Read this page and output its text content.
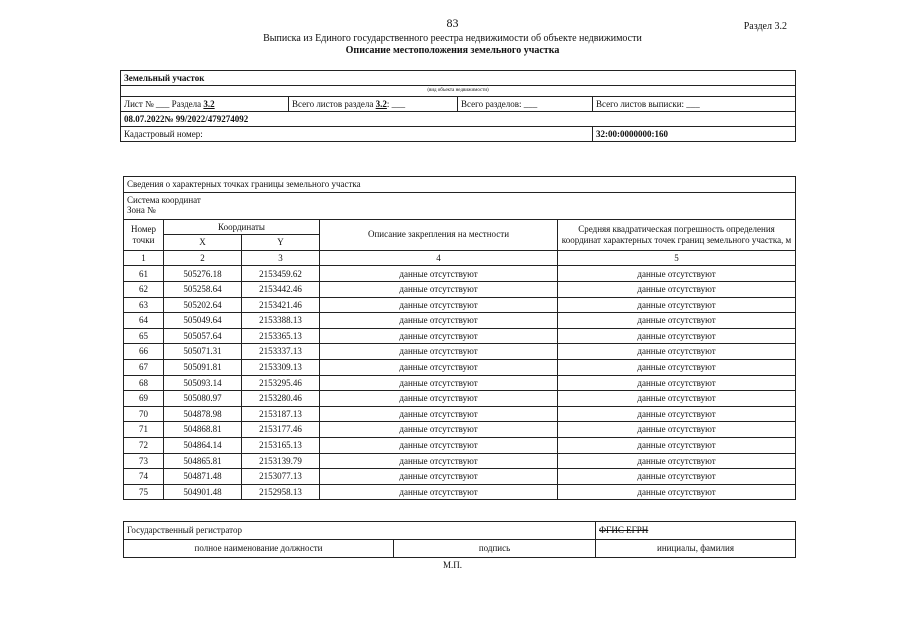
83	Раздел 3.2
Выписка из Единого государственного реестра недвижимости об объекте недвижимости
Описание местоположения земельного участка
Земельный участок			
(вид объекта недвижимости)			
Лист № ___ Раздела 3.2	Всего листов раздела 3.2: ___	Всего разделов: ___	Всего листов выписки: ___
08.07.2022№ 99/2022/479274092			
Кадастровый номер:			32:00:0000000:160
Сведения о характерных точках границы земельного участка				

Система координат
Зона №				

Номер точки	Координаты		Описание закрепления на местности	Средняя квадратическая погрешность определения координат характерных точек границ земельного участка, м
	X	Y		
1	2	3	4	5
61	505276.18	2153459.62	данные отсутствуют	данные отсутствуют
62	505258.64	2153442.46	данные отсутствуют	данные отсутствуют
63	505202.64	2153421.46	данные отсутствуют	данные отсутствуют
64	505049.64	2153388.13	данные отсутствуют	данные отсутствуют
65	505057.64	2153365.13	данные отсутствуют	данные отсутствуют
66	505071.31	2153337.13	данные отсутствуют	данные отсутствуют
67	505091.81	2153309.13	данные отсутствуют	данные отсутствуют
68	505093.14	2153295.46	данные отсутствуют	данные отсутствуют
69	505080.97	2153280.46	данные отсутствуют	данные отсутствуют
70	504878.98	2153187.13	данные отсутствуют	данные отсутствуют
71	504868.81	2153177.46	данные отсутствуют	данные отсутствуют
72	504864.14	2153165.13	данные отсутствуют	данные отсутствуют
73	504865.81	2153139.79	данные отсутствуют	данные отсутствуют
74	504871.48	2153077.13	данные отсутствуют	данные отсутствуют
75	504901.48	2152958.13	данные отсутствуют	данные отсутствуют
Государственный регистратор		ФГИС ЕГРН
полное наименование должности	подпись	инициалы, фамилия
М.П.
